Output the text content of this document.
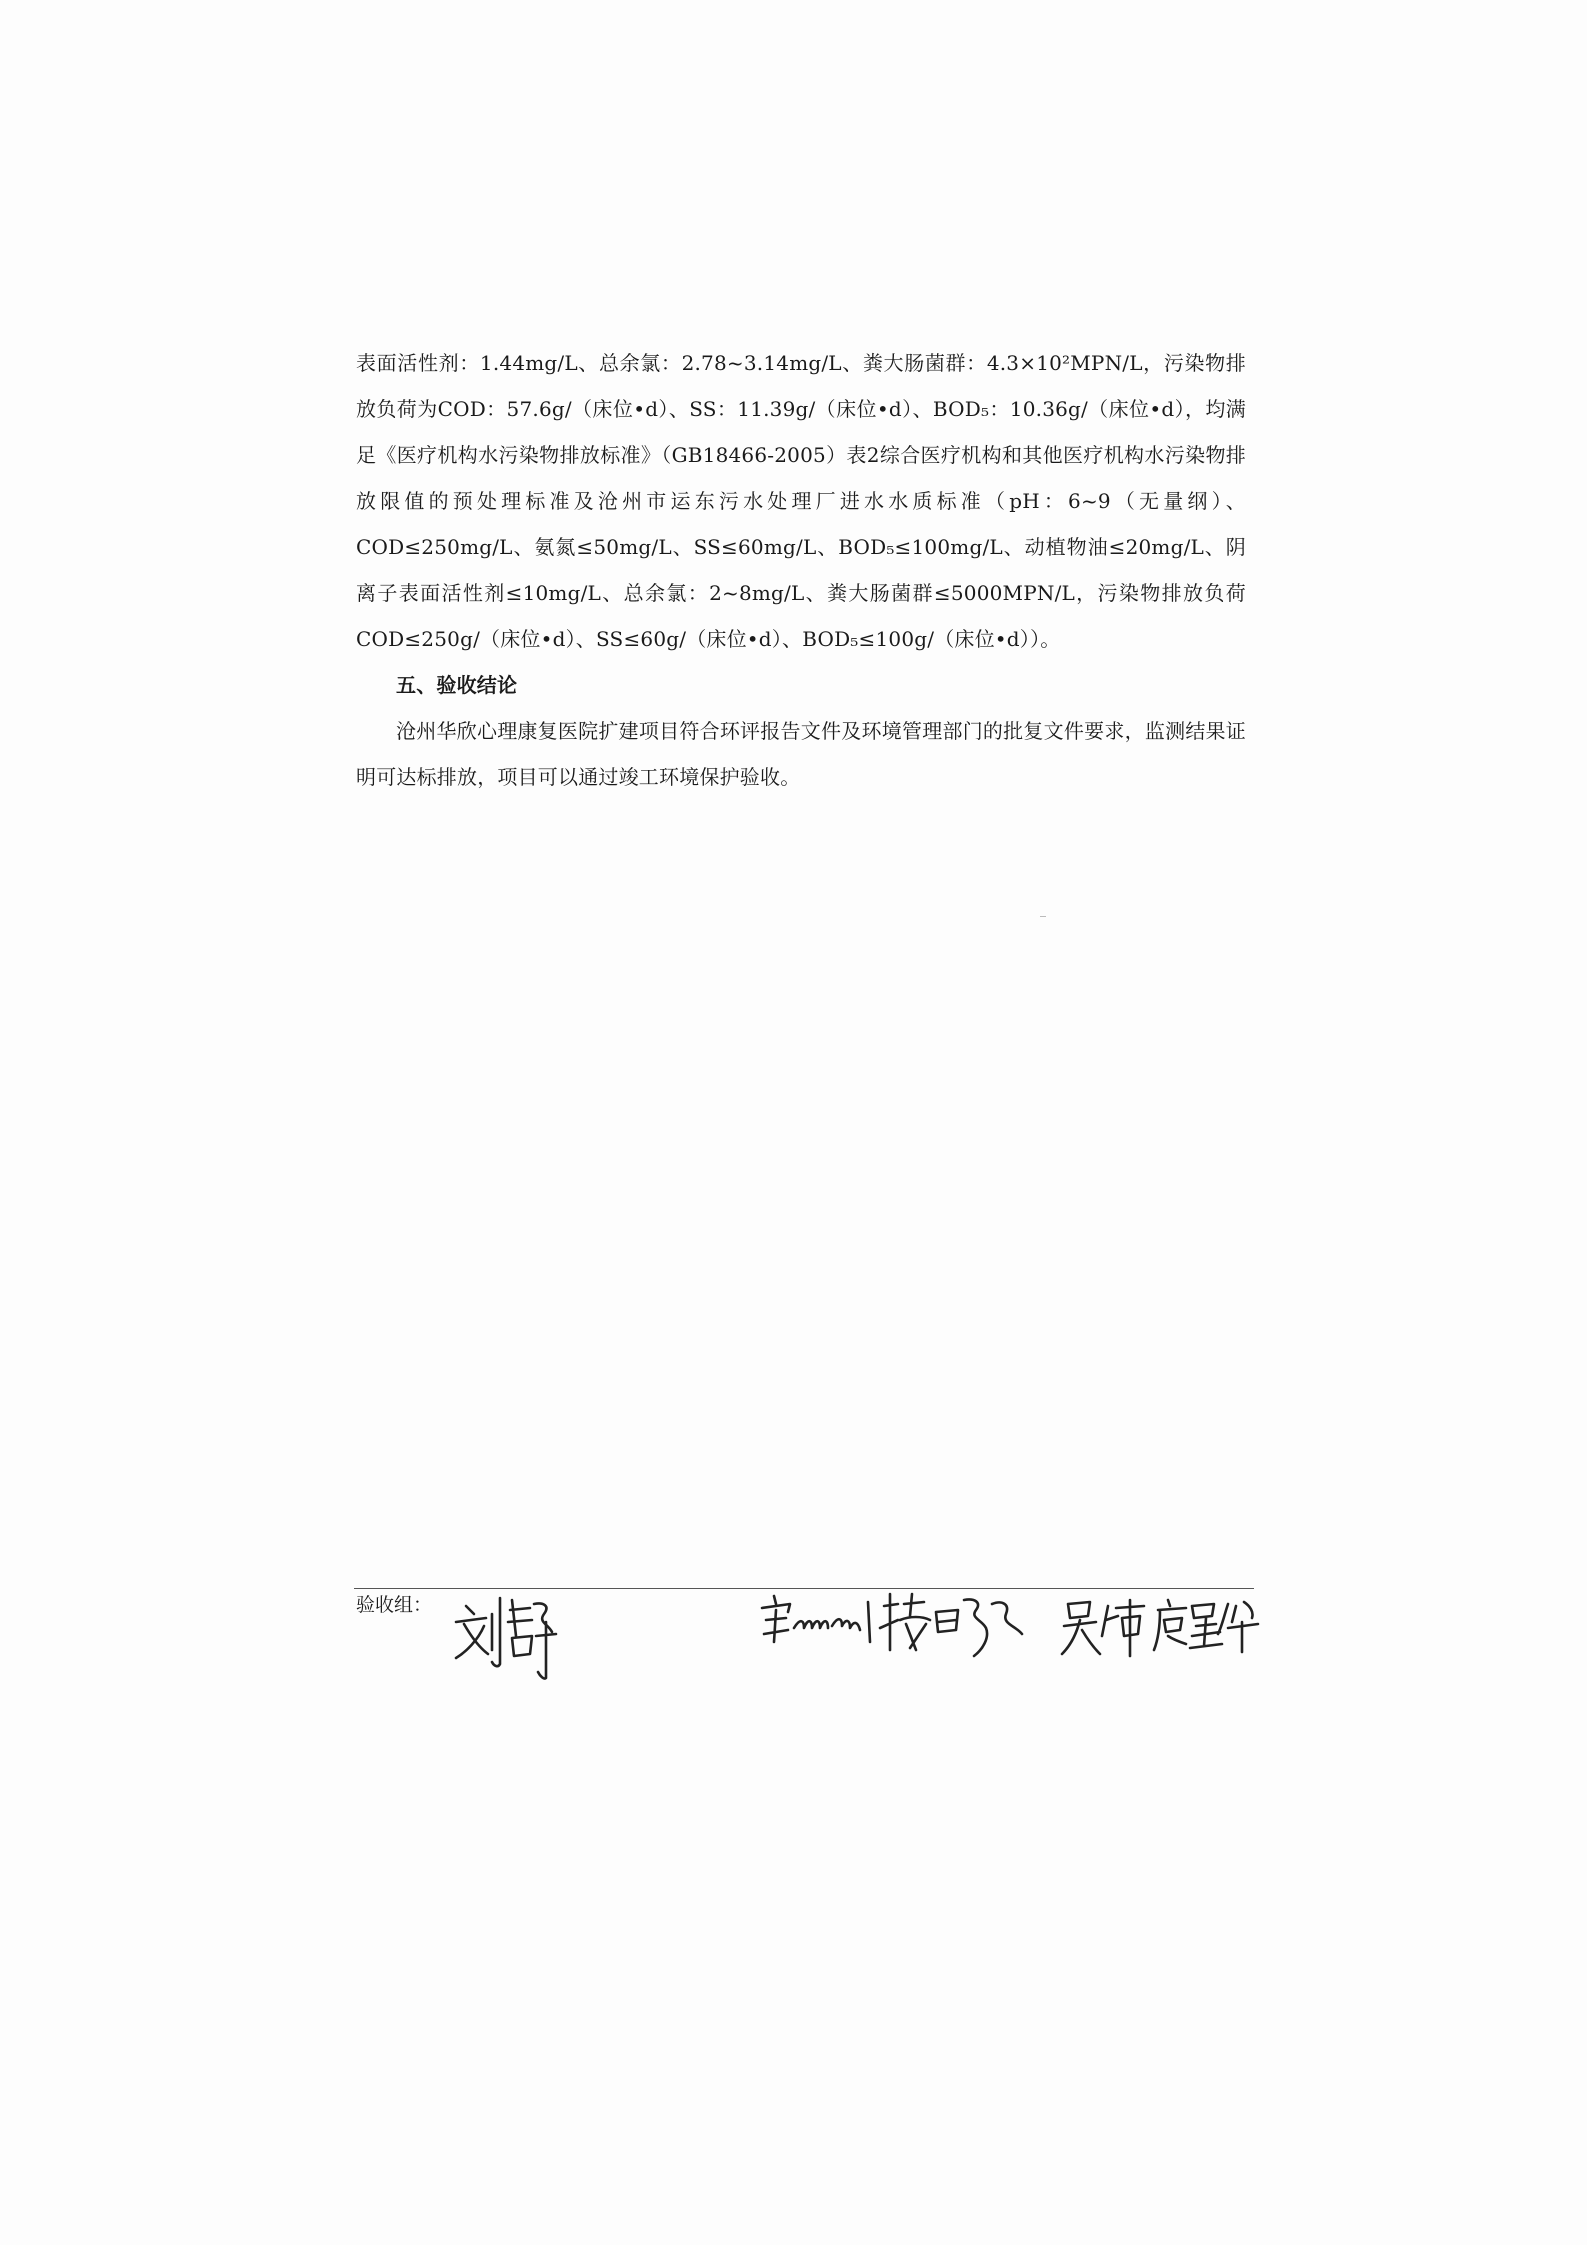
表面活性剂：1.44mg/L、总余氯：2.78~3.14mg/L、粪大肠菌群：4.3×10²MPN/L，污染物排放负荷为COD：57.6g/（床位•d）、SS：11.39g/（床位•d）、BOD₅：10.36g/（床位•d），均满足《医疗机构水污染物排放标准》（GB18466-2005）表2综合医疗机构和其他医疗机构水污染物排放限值的预处理标准及沧州市运东污水处理厂进水水质标准（pH：6~9（无量纲）、COD≤250mg/L、氨氮≤50mg/L、SS≤60mg/L、BOD₅≤100mg/L、动植物油≤20mg/L、阴离子表面活性剂≤10mg/L、总余氯：2~8mg/L、粪大肠菌群≤5000MPN/L，污染物排放负荷COD≤250g/（床位•d）、SS≤60g/（床位•d）、BOD₅≤100g/（床位•d））。

五、验收结论

沧州华欣心理康复医院扩建项目符合环评报告文件及环境管理部门的批复文件要求，监测结果证明可达标排放，项目可以通过竣工环境保护验收。

验收组：
